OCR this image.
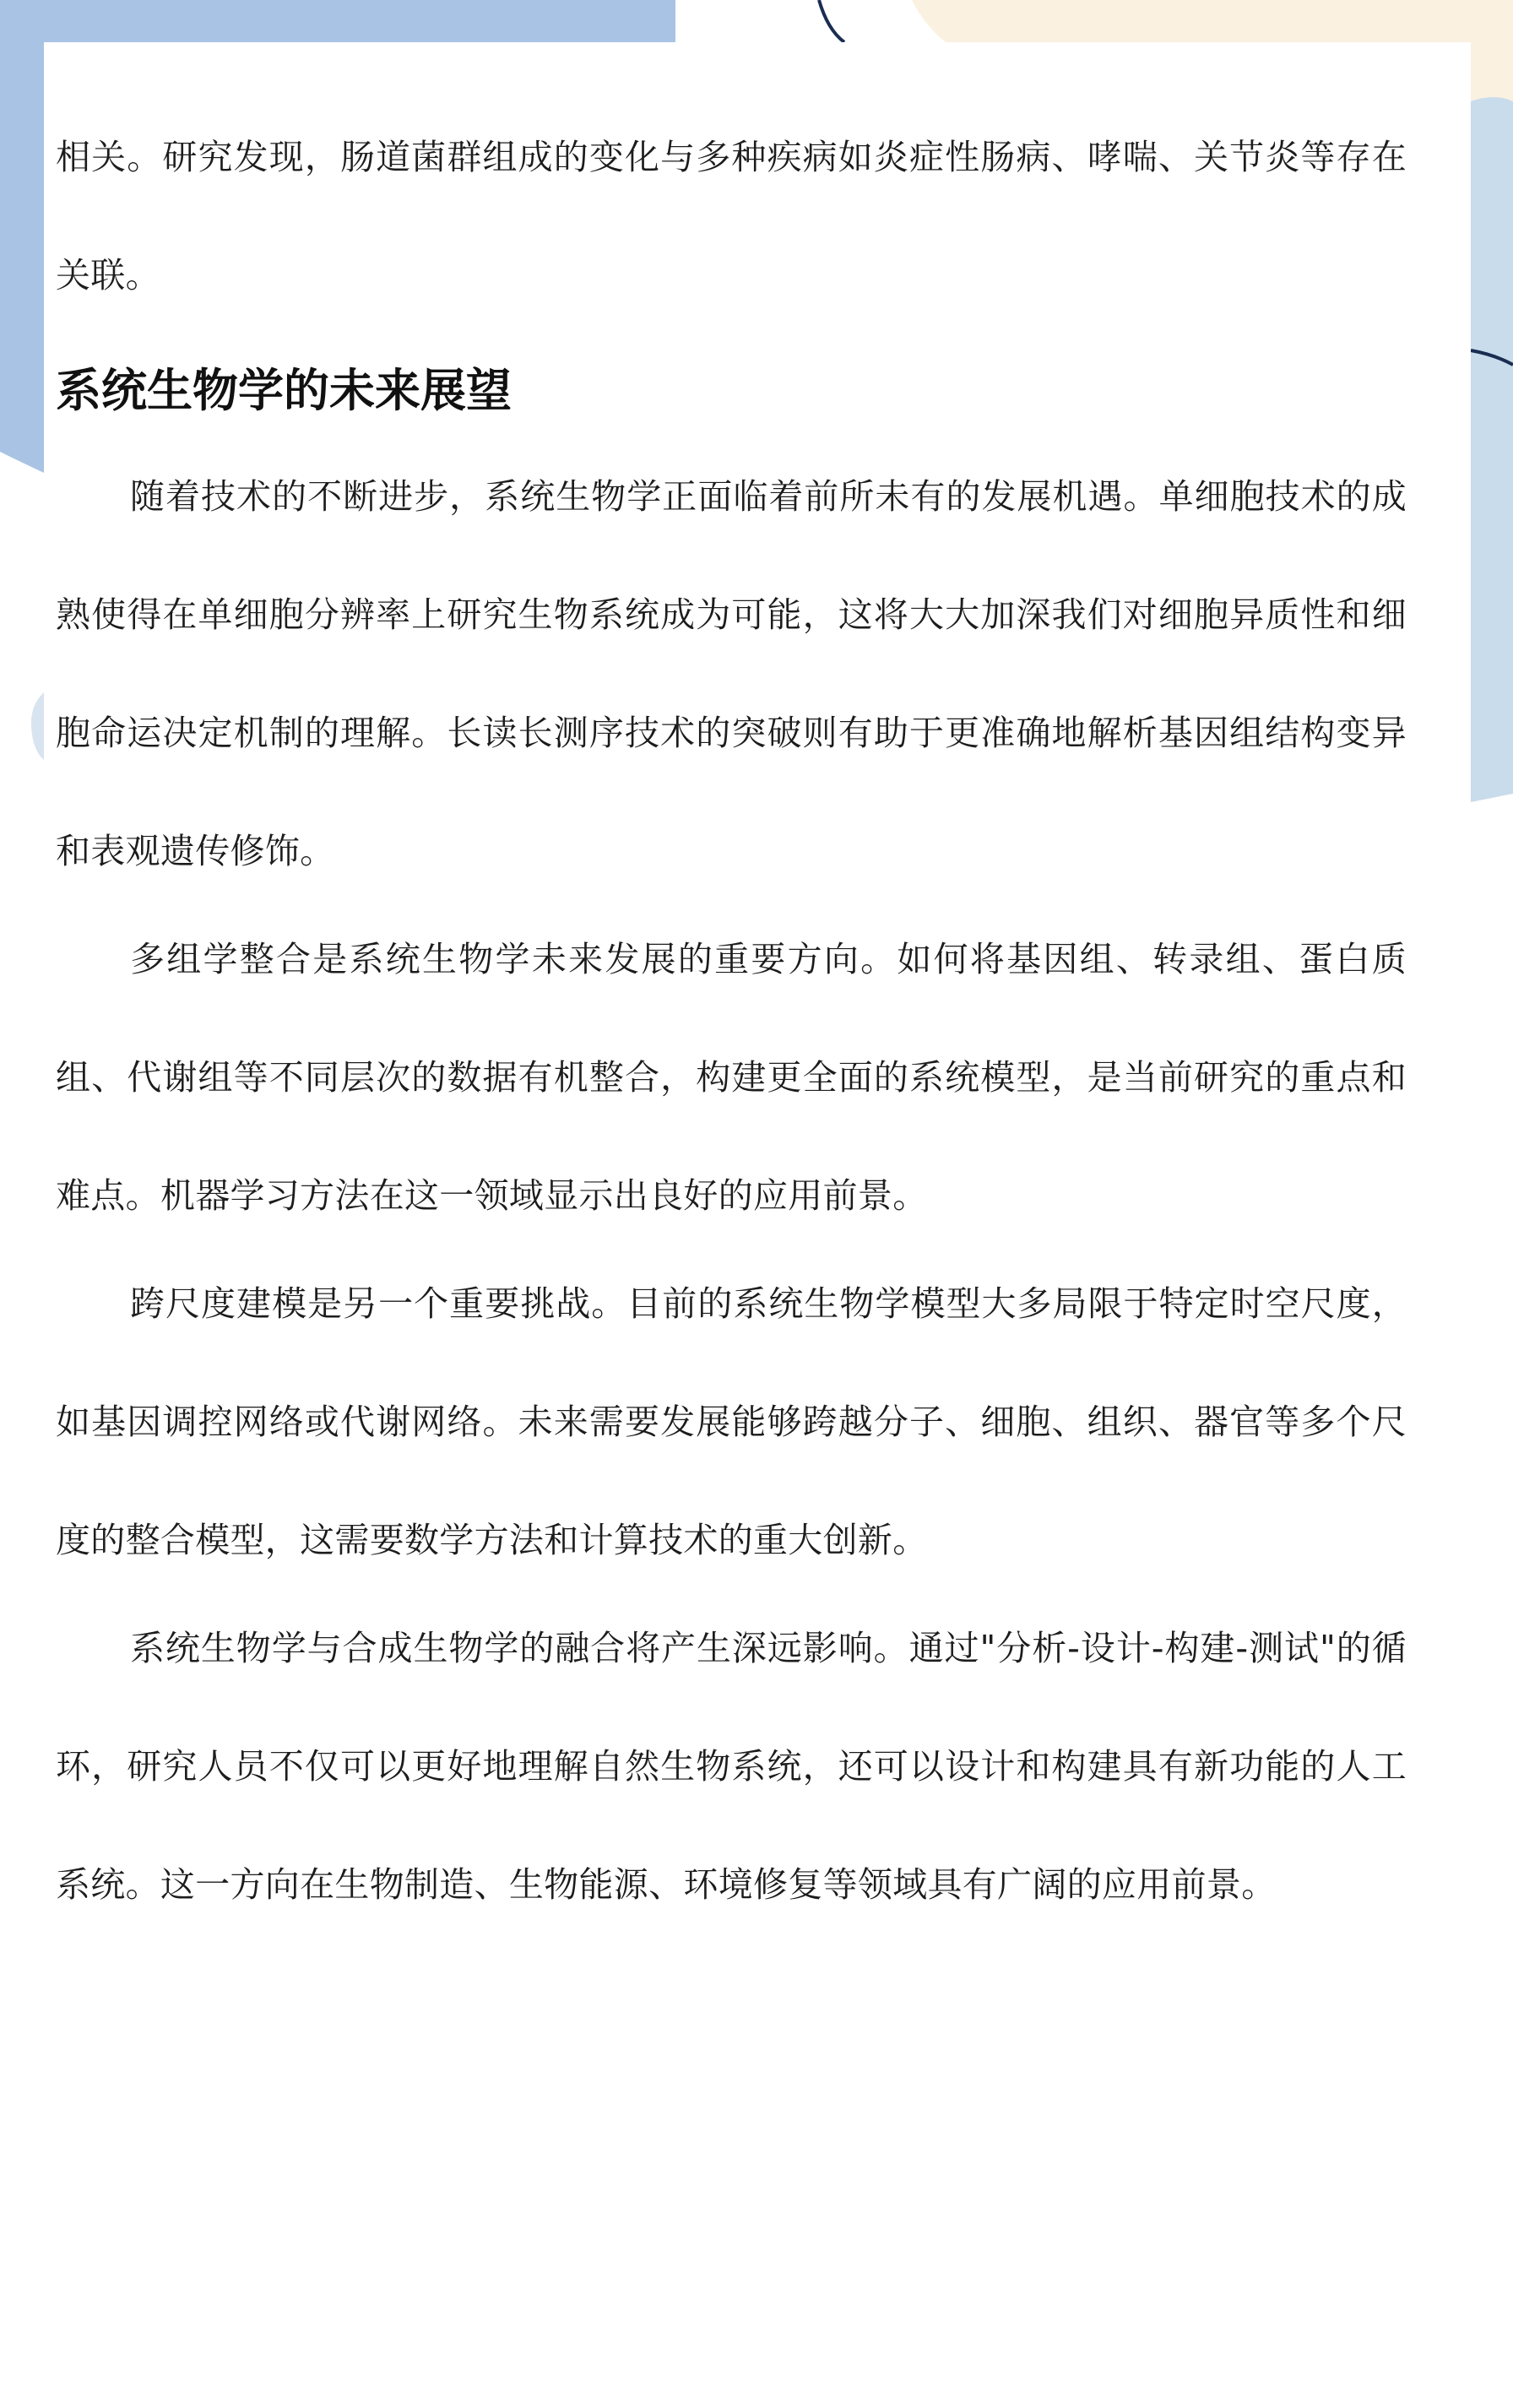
相关。研究发现，肠道菌群组成的变化与多种疾病如炎症性肠病、哮喘、关节炎等存在关联。

系统生物学的未来展望

随着技术的不断进步，系统生物学正面临着前所未有的发展机遇。单细胞技术的成熟使得在单细胞分辨率上研究生物系统成为可能，这将大大加深我们对细胞异质性和细胞命运决定机制的理解。长读长测序技术的突破则有助于更准确地解析基因组结构变异和表观遗传修饰。

多组学整合是系统生物学未来发展的重要方向。如何将基因组、转录组、蛋白质组、代谢组等不同层次的数据有机整合，构建更全面的系统模型，是当前研究的重点和难点。机器学习方法在这一领域显示出良好的应用前景。

跨尺度建模是另一个重要挑战。目前的系统生物学模型大多局限于特定时空尺度，如基因调控网络或代谢网络。未来需要发展能够跨越分子、细胞、组织、器官等多个尺度的整合模型，这需要数学方法和计算技术的重大创新。

系统生物学与合成生物学的融合将产生深远影响。通过"分析-设计-构建-测试"的循环，研究人员不仅可以更好地理解自然生物系统，还可以设计和构建具有新功能的人工系统。这一方向在生物制造、生物能源、环境修复等领域具有广阔的应用前景。
